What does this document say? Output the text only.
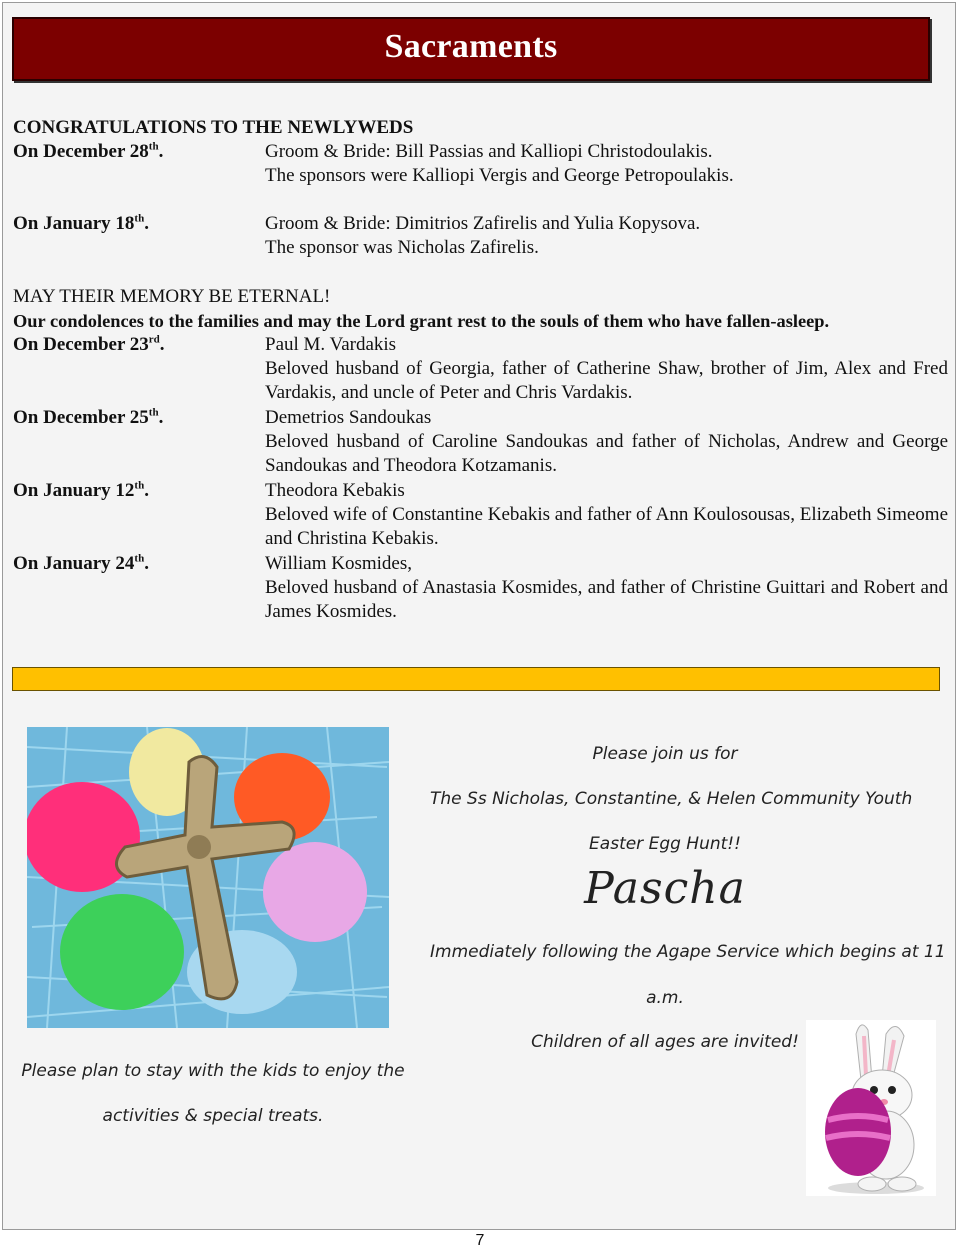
Sacraments
CONGRATULATIONS TO THE NEWLYWEDS
On December 28th.	Groom & Bride: Bill Passias and Kalliopi Christodoulakis.
The sponsors were Kalliopi Vergis and George Petropoulakis.
On January 18th.	Groom & Bride: Dimitrios Zafirelis and Yulia Kopysova.
The sponsor was Nicholas Zafirelis.
MAY THEIR MEMORY BE ETERNAL!
Our condolences to the families and may the Lord grant rest to the souls of them who have fallen-asleep.
On December 23rd.	Paul M. Vardakis
Beloved husband of Georgia, father of Catherine Shaw, brother of Jim, Alex and Fred Vardakis, and uncle of Peter and Chris Vardakis.
On December 25th.	Demetrios Sandoukas
Beloved husband of Caroline Sandoukas and father of Nicholas, Andrew and George Sandoukas and Theodora Kotzamanis.
On January 12th.	Theodora Kebakis
Beloved wife of Constantine Kebakis and father of Ann Koulosousas, Elizabeth Simeome and Christina Kebakis.
On January 24th.	William Kosmides,
Beloved husband of Anastasia Kosmides, and father of Christine Guittari and Robert and James Kosmides.
Please join us for
The Ss Nicholas, Constantine, & Helen Community Youth
Easter Egg Hunt!!
Pascha
Immediately following the Agape Service which begins at 11
a.m.
Children of all ages are invited!
Please plan to stay with the kids to enjoy the
activities & special treats.
7
